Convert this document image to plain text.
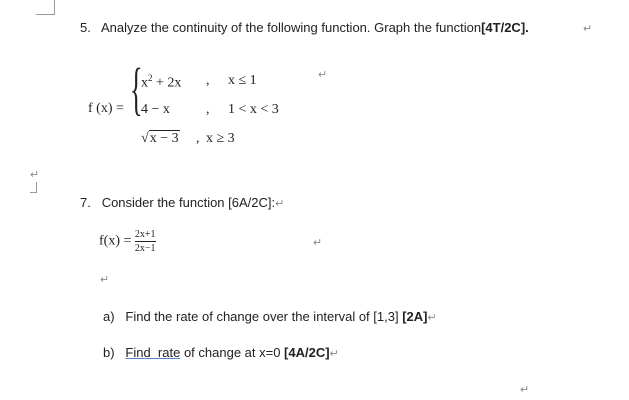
5. Analyze the continuity of the following function. Graph the function[4T/2C].	↵
f (x) = {
$x^2 + 2x$ , x ≤ 1	↵
4 − x	, 1 < x < 3
√x − 3 , x ≥ 3
↵
7. Consider the function [6A/2C]:↵
$f(x) = \frac{2x+1}{2x-1}$	↵
↵
a) Find the rate of change over the interval of [1,3] [2A]↵
b) Find  rate of change at x=0 [4A/2C]↵
↵
